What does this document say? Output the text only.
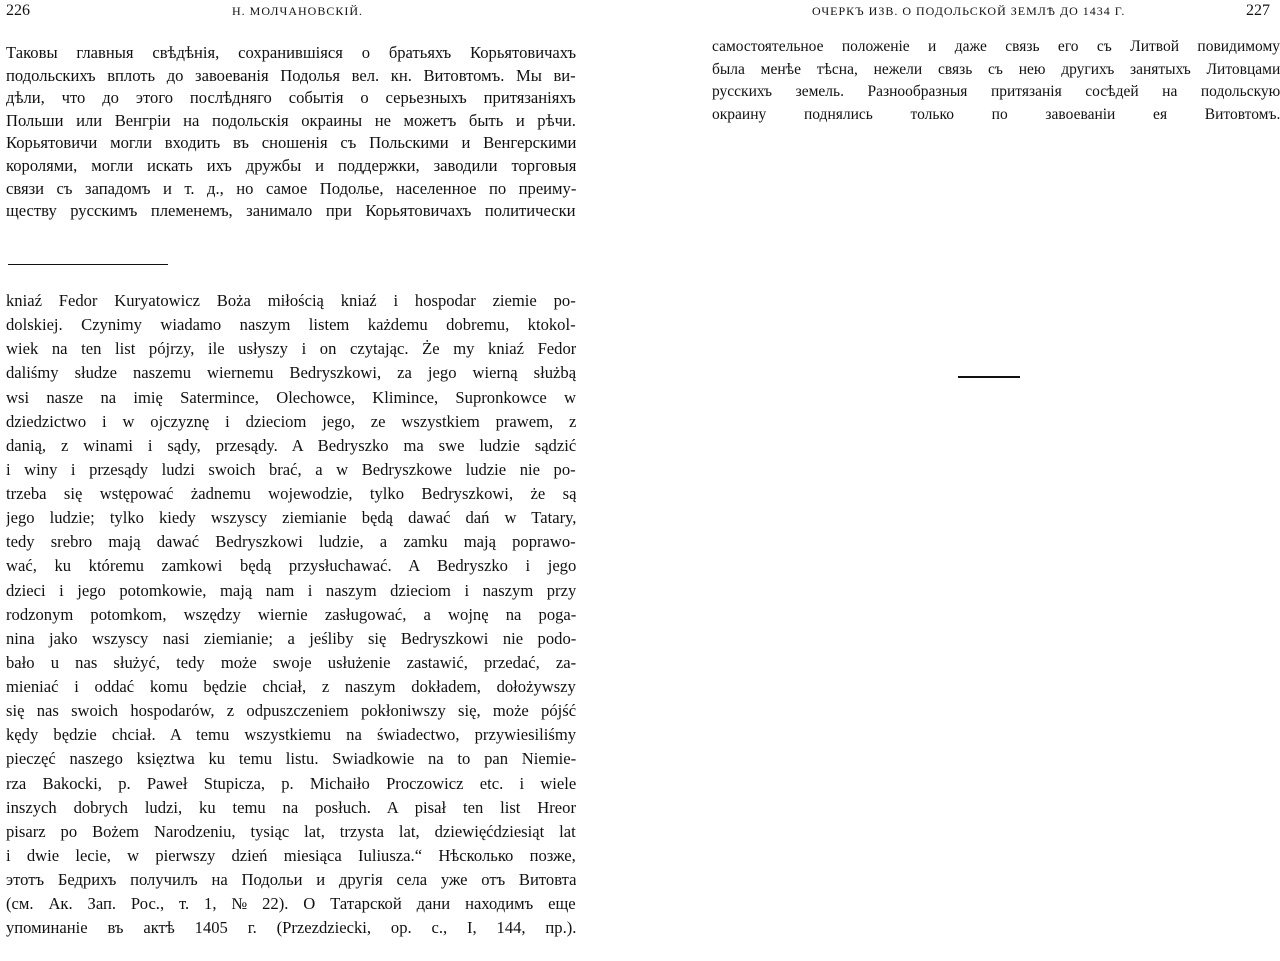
226	Н. МОЛЧАНОВСКІЙ.
Таковы главныя свѣдѣнія, сохранившіяся о братьяхъ Корьятовичахъ
подольскихъ вплоть до завоеванія Подолья вел. кн. Витовтомъ. Мы ви-
дѣли, что до этого послѣдняго событія о серьезныхъ притязаніяхъ
Польши или Венгріи на подольскія окраины не можетъ быть и рѣчи.
Корьятовичи могли входить въ сношенія съ Польскими и Венгерскими
королями, могли искать ихъ дружбы и поддержки, заводили торговыя
связи съ западомъ и т. д., но самое Подолье, населенное по преиму-
ществу русскимъ племенемъ, занимало при Корьятовичахъ политически
kniaź Fedor Kuryatowicz Boża miłością kniaź i hospodar ziemie po-
dolskiej. Czynimy wiadamo naszym listem każdemu dobremu, ktokol-
wiek na ten list pójrzy, ile usłyszy i on czytając. Że my kniaź Fedor
daliśmy słudze naszemu wiernemu Bedryszkowi, za jego wierną służbą
wsi nasze na imię Saterminсe, Olechowce, Klimince, Supronkowce w
dziedzictwo i w ojczyznę i dzieciom jego, ze wszystkiem prawem, z
danią, z winami i sądy, przesądy. A Bedryszko ma swe ludzie sądzić
i winy i przesądy ludzi swoich brać, a w Bedryszkowe ludzie nie po-
trzeba się wstępować żadnemu wojewodzie, tylko Bedryszkowi, że są
jego ludzie; tylko kiedy wszyscy ziemianie będą dawać dań w Tatary,
tedy srebro mają dawać Bedryszkowi ludzie, a zamku mają poprawo-
wać, ku któremu zamkowi będą przysłuchawać. A Bedryszko i jego
dzieci i jego potomkowie, mają nam i naszym dzieciom i naszym przy
rodzonym potomkom, wszędzy wiernie zasługować, a wojnę na poga-
nina jako wszyscy nasi ziemianie; a jeśliby się Bedryszkowi nie podo-
bało u nas służyć, tedy może swoje usłużenie zastawić, przedać, za-
mieniać i oddać komu będzie chciał, z naszym dokładem, dołożywszy
się nas swoich hospodarów, z odpuszczeniem pokłoniwszy się, może pójść
kędy będzie chciał. A temu wszystkiemu na świadectwo, przywiesiliśmy
pieczęć naszego księztwa ku temu listu. Swiadkowie na to pan Niemie-
rza Bakocki, p. Paweł Stupicza, p. Michaiło Proczowicz etc. i wiele
inszych dobrych ludzi, ku temu na posłuch. A pisał ten list Hreor
pisarz po Bożem Narodzeniu, tysiąc lat, trzysta lat, dziewięćdziesiąt lat
i dwie lecie, w pierwszy dzień miesiąca Iuliusza.“ Нѣсколько позже,
этотъ Бедрихъ получилъ на Подольи и другія села уже отъ Витовта
(см. Ак. Зап. Рос., т. 1, № 22). О Татарской дани находимъ еще
упоминаніе въ актѣ 1405 г. (Przezdziecki, op. c., I, 144, пр.).
ОЧЕРКЪ ИЗВ. О ПОДОЛЬСКОЙ ЗЕМЛѢ ДО 1434 Г.	227
самостоятельное положеніе и даже связь его съ Литвой повидимому
была менѣе тѣсна, нежели связь съ нею другихъ занятыхъ Литовцами
русскихъ земель. Разнообразныя притязанія сосѣдей на подольскую
окраину поднялись только по завоеваніи ея Витовтомъ.
